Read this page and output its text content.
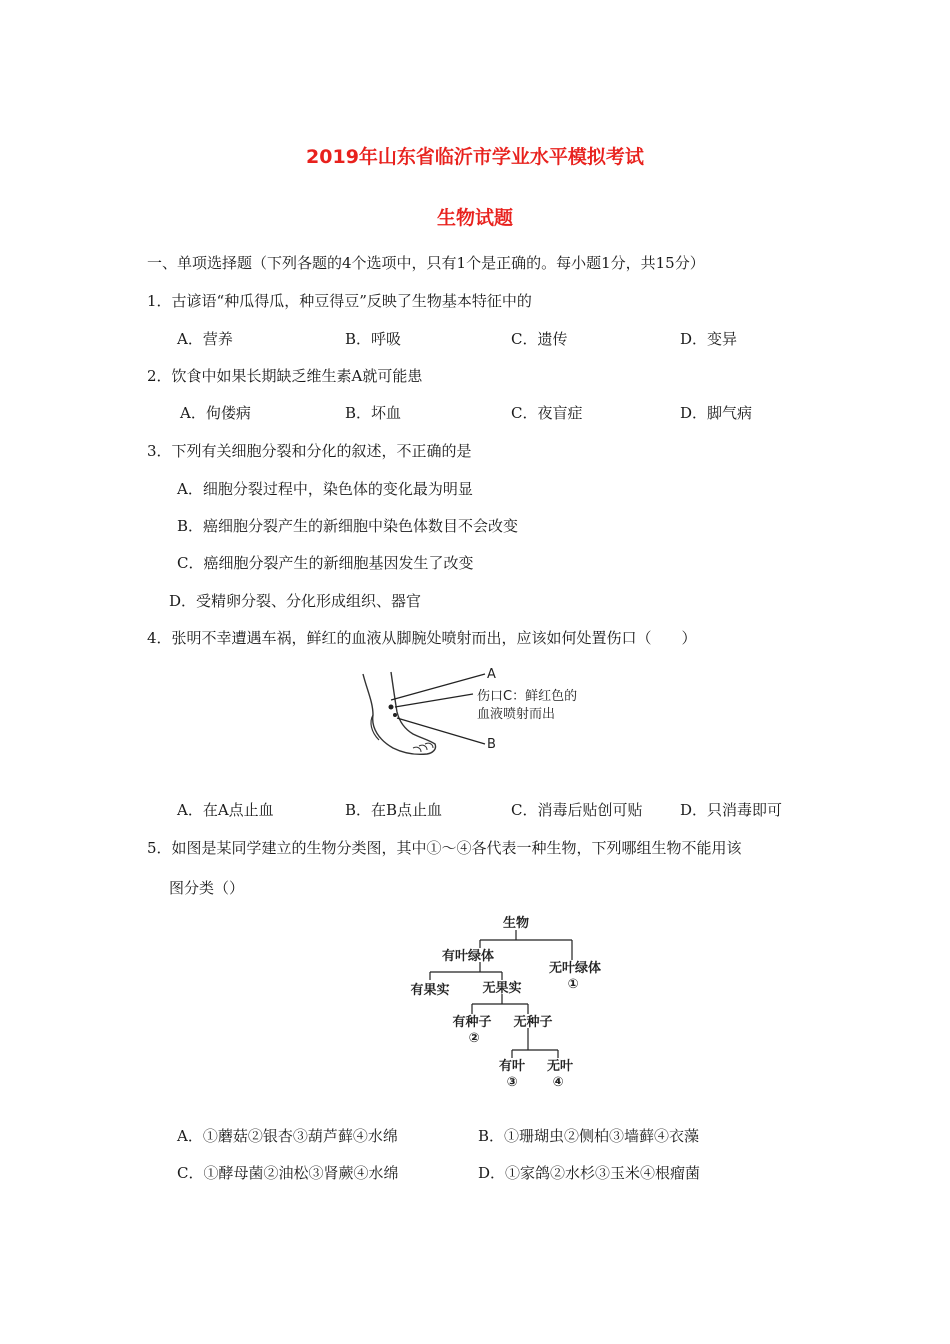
2019年山东省临沂市学业水平模拟考试
生物试题
一、单项选择题（下列各题的4个选项中，只有1个是正确的。每小题1分，共15分）
1．古谚语“种瓜得瓜，种豆得豆”反映了生物基本特征中的
A．营养	B．呼吸	C．遗传	D．变异
2．饮食中如果长期缺乏维生素A就可能患
A．佝偻病	B．坏血	C．夜盲症	D．脚气病
3．下列有关细胞分裂和分化的叙述，不正确的是
A．细胞分裂过程中，染色体的变化最为明显
B．癌细胞分裂产生的新细胞中染色体数目不会改变
C．癌细胞分裂产生的新细胞基因发生了改变
D．受精卵分裂、分化形成组织、器官
4．张明不幸遭遇车祸，鲜红的血液从脚腕处喷射而出，应该如何处置伤口（　　）
A
伤口C：鲜红色的
血液喷射而出
B
A．在A点止血	B．在B点止血	C．消毒后贴创可贴	D．只消毒即可
5．如图是某同学建立的生物分类图，其中①～④各代表一种生物，下列哪组生物不能用该
图分类（）
生物
有叶绿体
无叶绿体
①
有果实	无果实
有种子
②
无种子
有叶
③
无叶
④
A．①蘑菇②银杏③葫芦藓④水绵	B．①珊瑚虫②侧柏③墙藓④衣藻
C．①酵母菌②油松③肾蕨④水绵	D．①家鸽②水杉③玉米④根瘤菌
